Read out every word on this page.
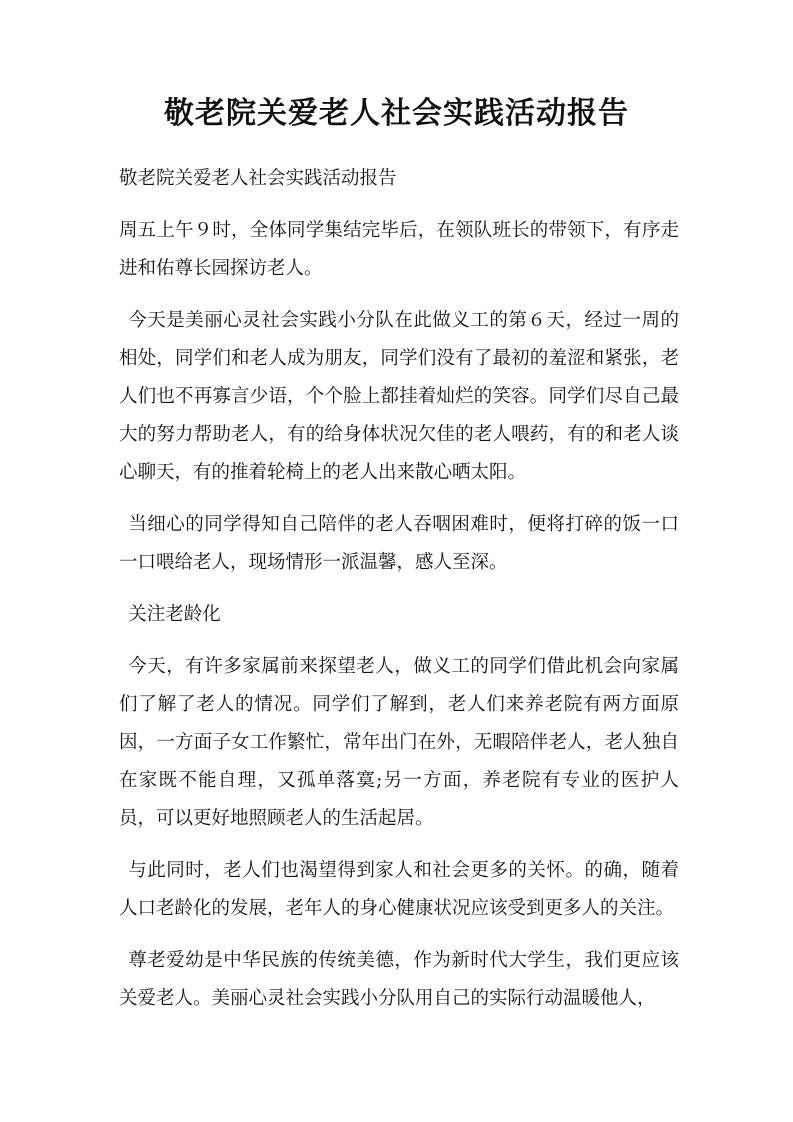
敬老院关爱老人社会实践活动报告

敬老院关爱老人社会实践活动报告

周五上午９时，全体同学集结完毕后，在领队班长的带领下，有序走进和佑尊长园探访老人。

今天是美丽心灵社会实践小分队在此做义工的第６天，经过一周的相处，同学们和老人成为朋友，同学们没有了最初的羞涩和紧张，老人们也不再寡言少语，个个脸上都挂着灿烂的笑容。同学们尽自己最大的努力帮助老人，有的给身体状况欠佳的老人喂药，有的和老人谈心聊天，有的推着轮椅上的老人出来散心晒太阳。

当细心的同学得知自己陪伴的老人吞咽困难时，便将打碎的饭一口一口喂给老人，现场情形一派温馨，感人至深。

关注老龄化

今天，有许多家属前来探望老人，做义工的同学们借此机会向家属们了解了老人的情况。同学们了解到，老人们来养老院有两方面原因，一方面子女工作繁忙，常年出门在外，无暇陪伴老人，老人独自在家既不能自理，又孤单落寞;另一方面，养老院有专业的医护人员，可以更好地照顾老人的生活起居。

与此同时，老人们也渴望得到家人和社会更多的关怀。的确，随着人口老龄化的发展，老年人的身心健康状况应该受到更多人的关注。

尊老爱幼是中华民族的传统美德，作为新时代大学生，我们更应该关爱老人。美丽心灵社会实践小分队用自己的实际行动温暖他人，
